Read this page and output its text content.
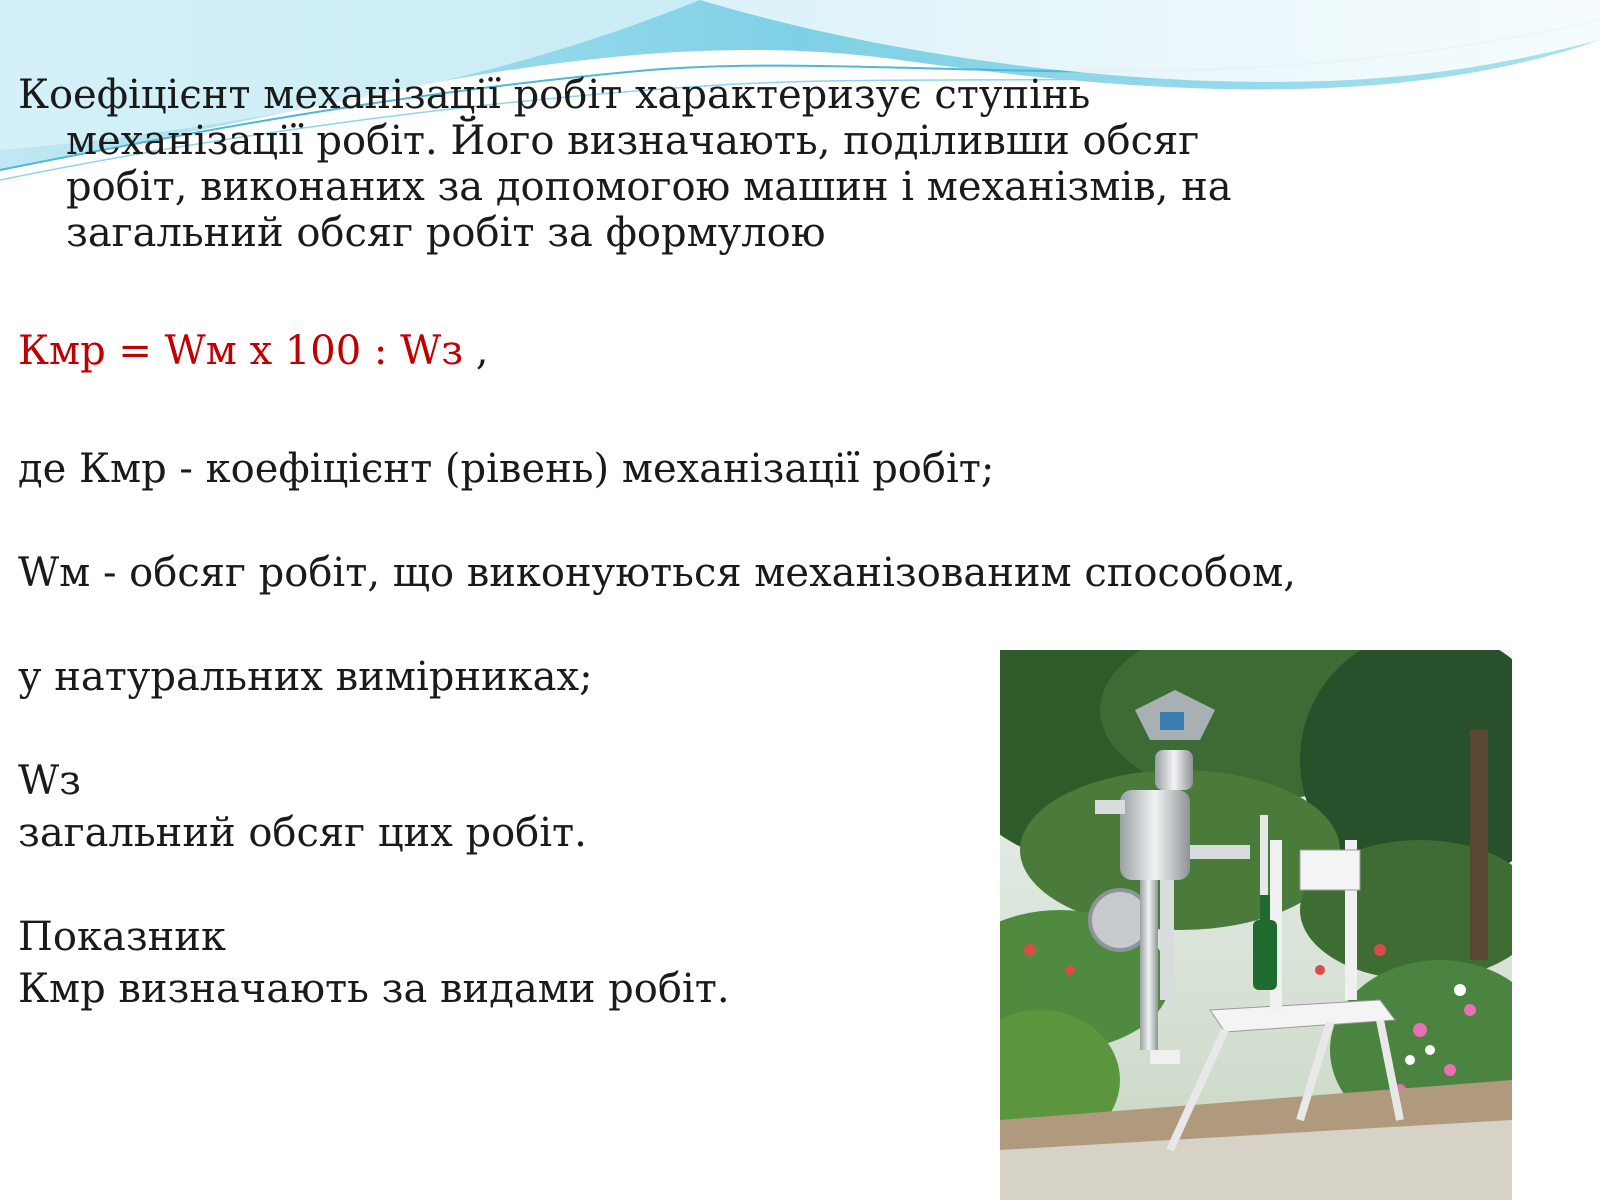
Коефіцієнт механізації робіт характеризує ступінь механізації робіт. Його визначають, поділивши обсяг робіт, виконаних за допомогою машин і механізмів, на загальний обсяг робіт за формулою

Кмр = Wм х 100 : Wз ,

де Кмр - коефіцієнт (рівень) механізації робіт;

Wм - обсяг робіт, що виконуються механізованим способом,

у натуральних вимірниках;

Wз

загальний обсяг цих робіт.

Показник

Кмр визначають за видами робіт.
